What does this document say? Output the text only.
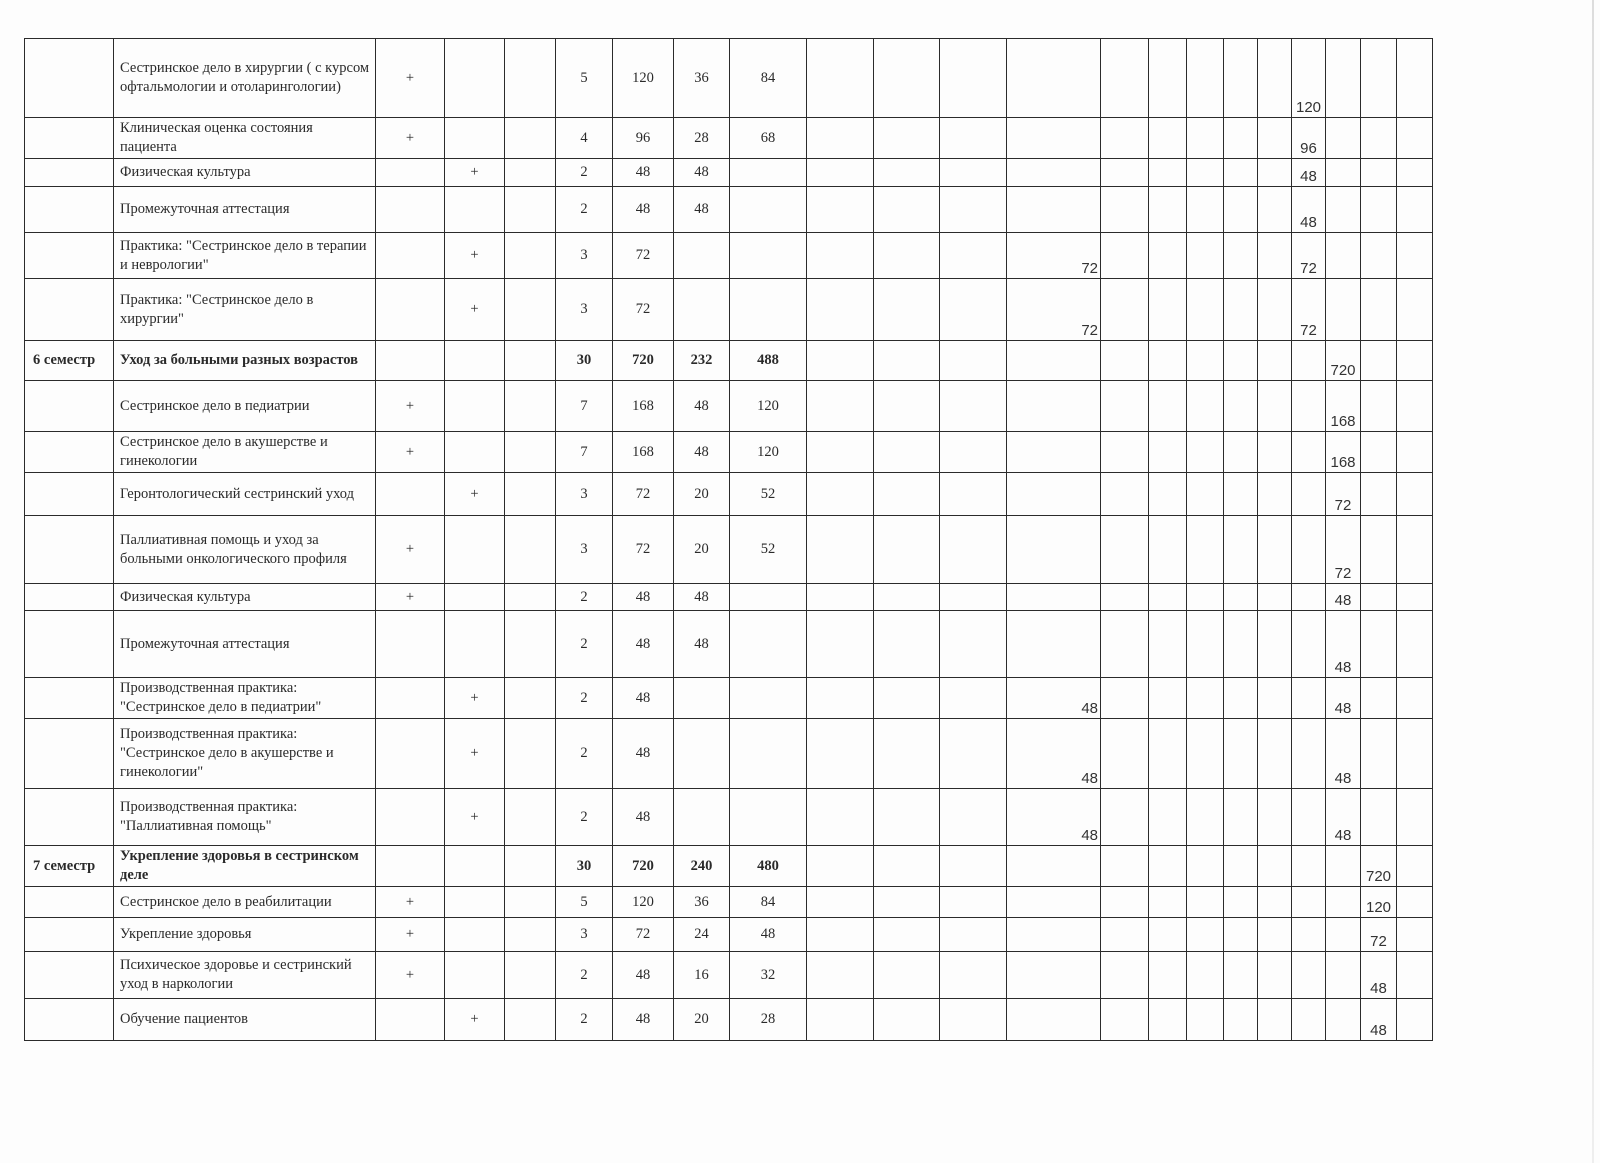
	Сестринское дело в хирургии ( с курсом офтальмологии и отоларингологии)	+			5	120	36	84										120			
	Клиническая оценка состояния пациента	+			4	96	28	68										96			
	Физическая культура		+		2	48	48											48			
	Промежуточная аттестация				2	48	48											48			
	Практика: "Сестринское дело в терапии и неврологии"		+		3	72						72						72			
	Практика: "Сестринское дело в хирургии"		+		3	72						72						72			
6 семестр	Уход за больными разных возрастов				30	720	232	488											720		
	Сестринское дело в педиатрии	+			7	168	48	120											168		
	Сестринское дело в акушерстве и гинекологии	+			7	168	48	120											168		
	Геронтологический сестринский уход		+		3	72	20	52											72		
	Паллиативная помощь и уход за больными онкологического профиля	+			3	72	20	52											72		
	Физическая культура	+			2	48	48												48		
	Промежуточная аттестация				2	48	48												48		
	Производственная практика: "Сестринское дело в педиатрии"		+		2	48						48							48		
	Производственная практика: "Сестринское дело в акушерстве и гинекологии"		+		2	48						48							48		
	Производственная практика: "Паллиативная помощь"		+		2	48						48							48		
7 семестр	Укрепление здоровья в сестринском деле				30	720	240	480												720	
	Сестринское дело в реабилитации	+			5	120	36	84												120	
	Укрепление здоровья	+			3	72	24	48												72	
	Психическое здоровье и сестринский уход в наркологии	+			2	48	16	32												48	
	Обучение пациентов		+		2	48	20	28												48	
